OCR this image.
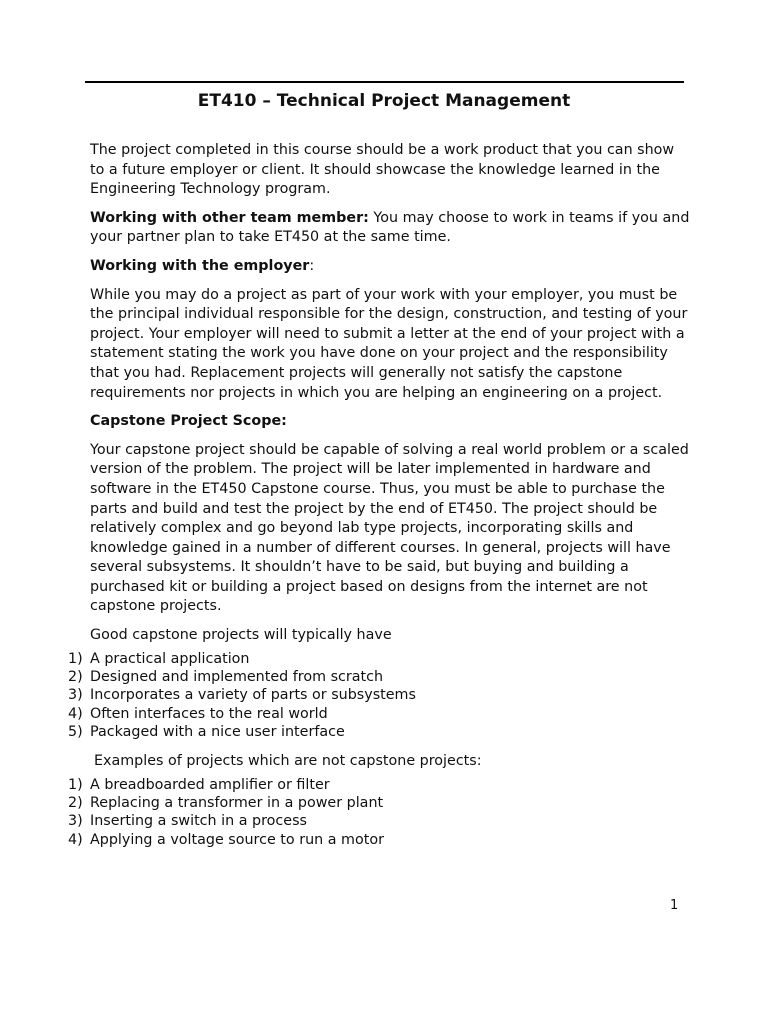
ET410 – Technical Project Management

The project completed in this course should be a work product that you can show to a future employer or client. It should showcase the knowledge learned in the Engineering Technology program.

Working with other team member: You may choose to work in teams if you and your partner plan to take ET450 at the same time.

Working with the employer:

While you may do a project as part of your work with your employer, you must be the principal individual responsible for the design, construction, and testing of your project. Your employer will need to submit a letter at the end of your project with a statement stating the work you have done on your project and the responsibility that you had. Replacement projects will generally not satisfy the capstone requirements nor projects in which you are helping an engineering on a project.

Capstone Project Scope:

Your capstone project should be capable of solving a real world problem or a scaled version of the problem. The project will be later implemented in hardware and software in the ET450 Capstone course. Thus, you must be able to purchase the parts and build and test the project by the end of ET450. The project should be relatively complex and go beyond lab type projects, incorporating skills and knowledge gained in a number of different courses. In general, projects will have several subsystems. It shouldn’t have to be said, but buying and building a purchased kit or building a project based on designs from the internet are not capstone projects.

Good capstone projects will typically have

1) A practical application
2) Designed and implemented from scratch
3) Incorporates a variety of parts or subsystems
4) Often interfaces to the real world
5) Packaged with a nice user interface

Examples of projects which are not capstone projects:

1) A breadboarded amplifier or filter
2) Replacing a transformer in a power plant
3) Inserting a switch in a process
4) Applying a voltage source to run a motor
1
